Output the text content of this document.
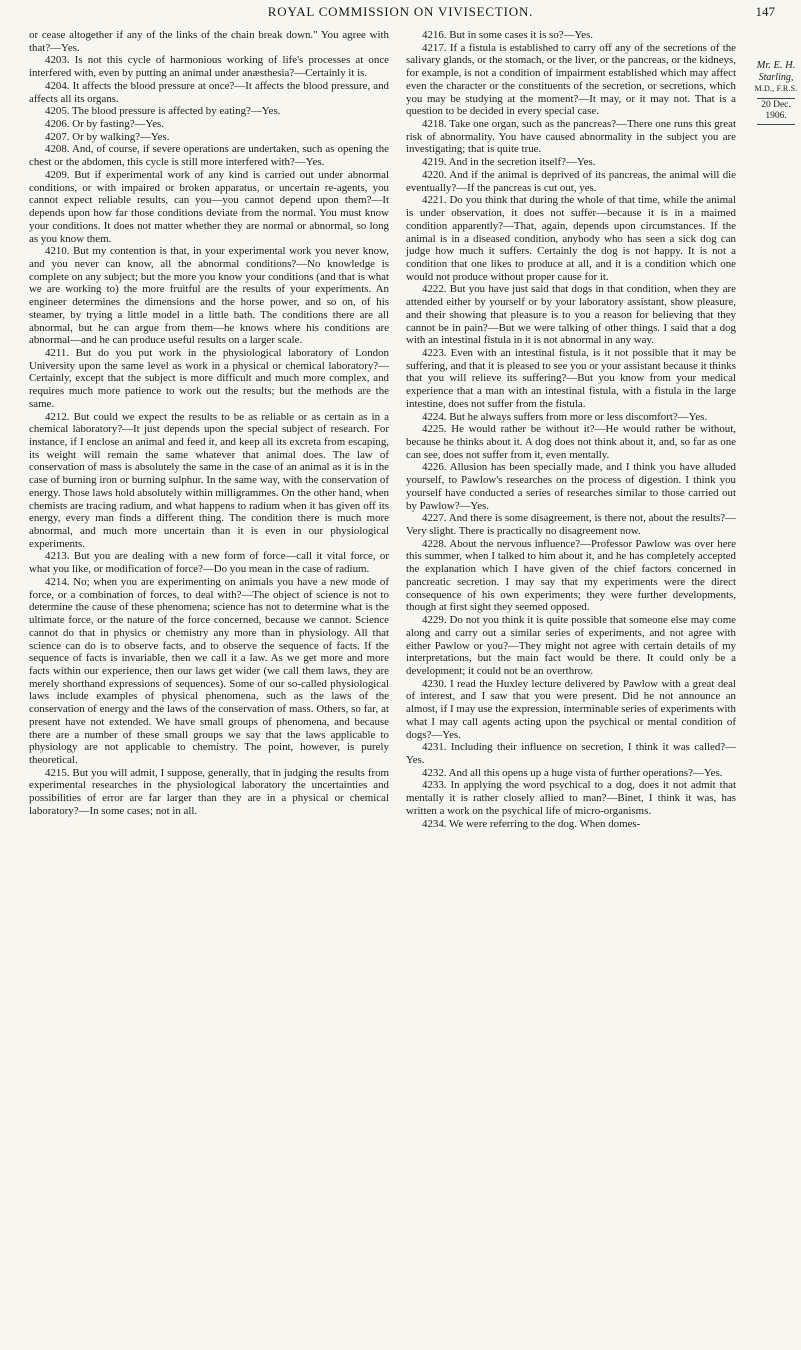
ROYAL COMMISSION ON VIVISECTION.	147

or cease altogether if any of the links of the chain break down." You agree with that?—Yes.

4203. Is not this cycle of harmonious working of life's processes at once interfered with, even by putting an animal under anæsthesia?—Certainly it is.

4204. It affects the blood pressure at once?—It affects the blood pressure, and affects all its organs.

4205. The blood pressure is affected by eating?—Yes.

4206. Or by fasting?—Yes.

4207. Or by walking?—Yes.

4208. And, of course, if severe operations are undertaken, such as opening the chest or the abdomen, this cycle is still more interfered with?—Yes.

4209. But if experimental work of any kind is carried out under abnormal conditions, or with impaired or broken apparatus, or uncertain re-agents, you cannot expect reliable results, can you—you cannot depend upon them?—It depends upon how far those conditions deviate from the normal. You must know your conditions. It does not matter whether they are normal or abnormal, so long as you know them.

4210. But my contention is that, in your experimental work you never know, and you never can know, all the abnormal conditions?—No knowledge is complete on any subject; but the more you know your conditions (and that is what we are working to) the more fruitful are the results of your experiments. An engineer determines the dimensions and the horse power, and so on, of his steamer, by trying a little model in a little bath. The conditions there are all abnormal, but he can argue from them—he knows where his conditions are abnormal—and he can produce useful results on a larger scale.

4211. But do you put work in the physiological laboratory of London University upon the same level as work in a physical or chemical laboratory?—Certainly, except that the subject is more difficult and much more complex, and requires much more patience to work out the results; but the methods are the same.

4212. But could we expect the results to be as reliable or as certain as in a chemical laboratory?—It just depends upon the special subject of research. For instance, if I enclose an animal and feed it, and keep all its excreta from escaping, its weight will remain the same whatever that animal does. The law of conservation of mass is absolutely the same in the case of an animal as it is in the case of burning iron or burning sulphur. In the same way, with the conservation of energy. Those laws hold absolutely within milligrammes. On the other hand, when chemists are tracing radium, and what happens to radium when it has given off its energy, every man finds a different thing. The condition there is much more abnormal, and much more uncertain than it is even in our physiological experiments.

4213. But you are dealing with a new form of force—call it vital force, or what you like, or modification of force?—Do you mean in the case of radium.

4214. No; when you are experimenting on animals you have a new mode of force, or a combination of forces, to deal with?—The object of science is not to determine the cause of these phenomena; science has not to determine what is the ultimate force, or the nature of the force concerned, because we cannot. Science cannot do that in physics or chemistry any more than in physiology. All that science can do is to observe facts, and to observe the sequence of facts. If the sequence of facts is invariable, then we call it a law. As we get more and more facts within our experience, then our laws get wider (we call them laws, they are merely shorthand expressions of sequences). Some of our so-called physiological laws include examples of physical phenomena, such as the laws of the conservation of energy and the laws of the conservation of mass. Others, so far, at present have not extended. We have small groups of phenomena, and because there are a number of these small groups we say that the laws applicable to physiology are not applicable to chemistry. The point, however, is purely theoretical.

4215. But you will admit, I suppose, generally, that in judging the results from experimental researches in the physiological laboratory the uncertainties and possibilities of error are far larger than they are in a physical or chemical laboratory?—In some cases; not in all.

4216. But in some cases it is so?—Yes.

4217. If a fistula is established to carry off any of the secretions of the salivary glands, or the stomach, or the liver, or the pancreas, or the kidneys, for example, is not a condition of impairment established which may affect even the character or the constituents of the secretion, or secretions, which you may be studying at the moment?—It may, or it may not. That is a question to be decided in every special case.

4218. Take one organ, such as the pancreas?—There one runs this great risk of abnormality. You have caused abnormality in the subject you are investigating; that is quite true.

4219. And in the secretion itself?—Yes.

4220. And if the animal is deprived of its pancreas, the animal will die eventually?—If the pancreas is cut out, yes.

4221. Do you think that during the whole of that time, while the animal is under observation, it does not suffer—because it is in a maimed condition apparently?—That, again, depends upon circumstances. If the animal is in a diseased condition, anybody who has seen a sick dog can judge how much it suffers. Certainly the dog is not happy. It is not a condition that one likes to produce at all, and it is a condition which one would not produce without proper cause for it.

4222. But you have just said that dogs in that condition, when they are attended either by yourself or by your laboratory assistant, show pleasure, and their showing that pleasure is to you a reason for believing that they cannot be in pain?—But we were talking of other things. I said that a dog with an intestinal fistula in it is not abnormal in any way.

4223. Even with an intestinal fistula, is it not possible that it may be suffering, and that it is pleased to see you or your assistant because it thinks that you will relieve its suffering?—But you know from your medical experience that a man with an intestinal fistula, with a fistula in the large intestine, does not suffer from the fistula.

4224. But he always suffers from more or less discomfort?—Yes.

4225. He would rather be without it?—He would rather be without, because he thinks about it. A dog does not think about it, and, so far as one can see, does not suffer from it, even mentally.

4226. Allusion has been specially made, and I think you have alluded yourself, to Pawlow's researches on the process of digestion. I think you yourself have conducted a series of researches similar to those carried out by Pawlow?—Yes.

4227. And there is some disagreement, is there not, about the results?—Very slight. There is practically no disagreement now.

4228. About the nervous influence?—Professor Pawlow was over here this summer, when I talked to him about it, and he has completely accepted the explanation which I have given of the chief factors concerned in pancreatic secretion. I may say that my experiments were the direct consequence of his own experiments; they were further developments, though at first sight they seemed opposed.

4229. Do not you think it is quite possible that someone else may come along and carry out a similar series of experiments, and not agree with either Pawlow or you?—They might not agree with certain details of my interpretations, but the main fact would be there. It could only be a development; it could not be an overthrow.

4230. I read the Huxley lecture delivered by Pawlow with a great deal of interest, and I saw that you were present. Did he not announce an almost, if I may use the expression, interminable series of experiments with what I may call agents acting upon the psychical or mental condition of dogs?—Yes.

4231. Including their influence on secretion, I think it was called?—Yes.

4232. And all this opens up a huge vista of further operations?—Yes.

4233. In applying the word psychical to a dog, does it not admit that mentally it is rather closely allied to man?—Binet, I think it was, has written a work on the psychical life of micro-organisms.

4234. We were referring to the dog. When domes-

Mr. E. H.
Starling,
M.D., F.R.S.
20 Dec. 1906.
